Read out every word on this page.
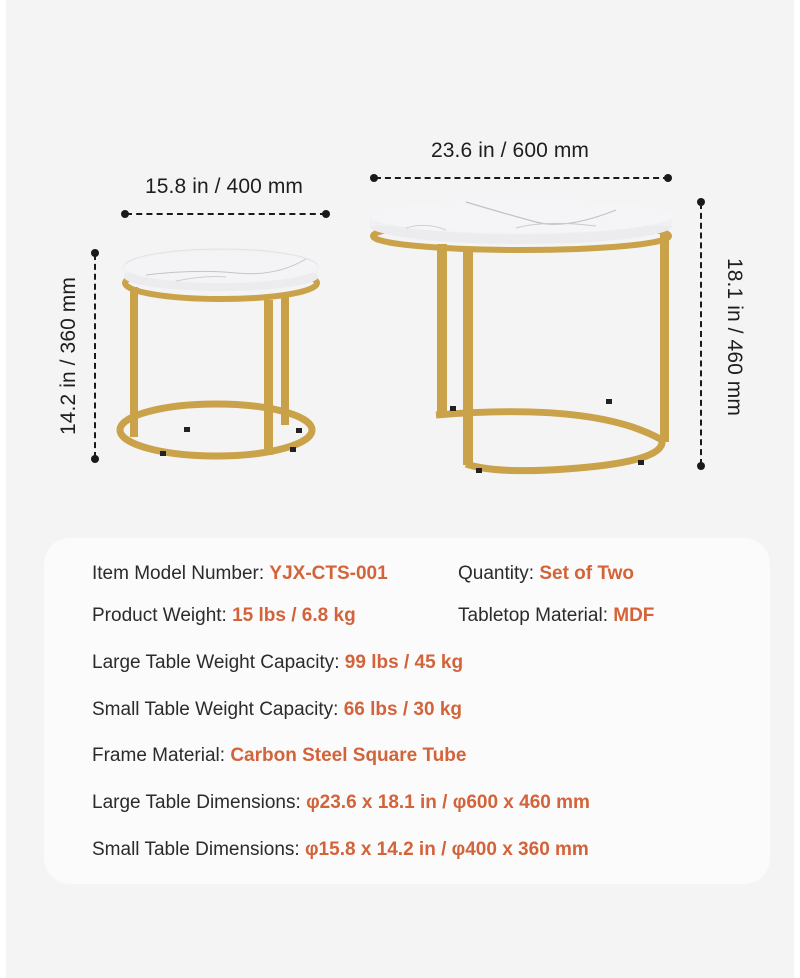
15.8 in / 400 mm
14.2 in / 360 mm
23.6 in / 600 mm
18.1 in / 460 mm
Item Model Number: YJX-CTS-001	Quantity: Set of Two
Product Weight: 15 lbs / 6.8 kg	Tabletop Material: MDF
Large Table Weight Capacity: 99 lbs / 45 kg
Small Table Weight Capacity: 66 lbs / 30 kg
Frame Material: Carbon Steel Square Tube
Large Table Dimensions: φ23.6 x 18.1 in / φ600 x 460 mm
Small Table Dimensions: φ15.8 x 14.2 in / φ400 x 360 mm
